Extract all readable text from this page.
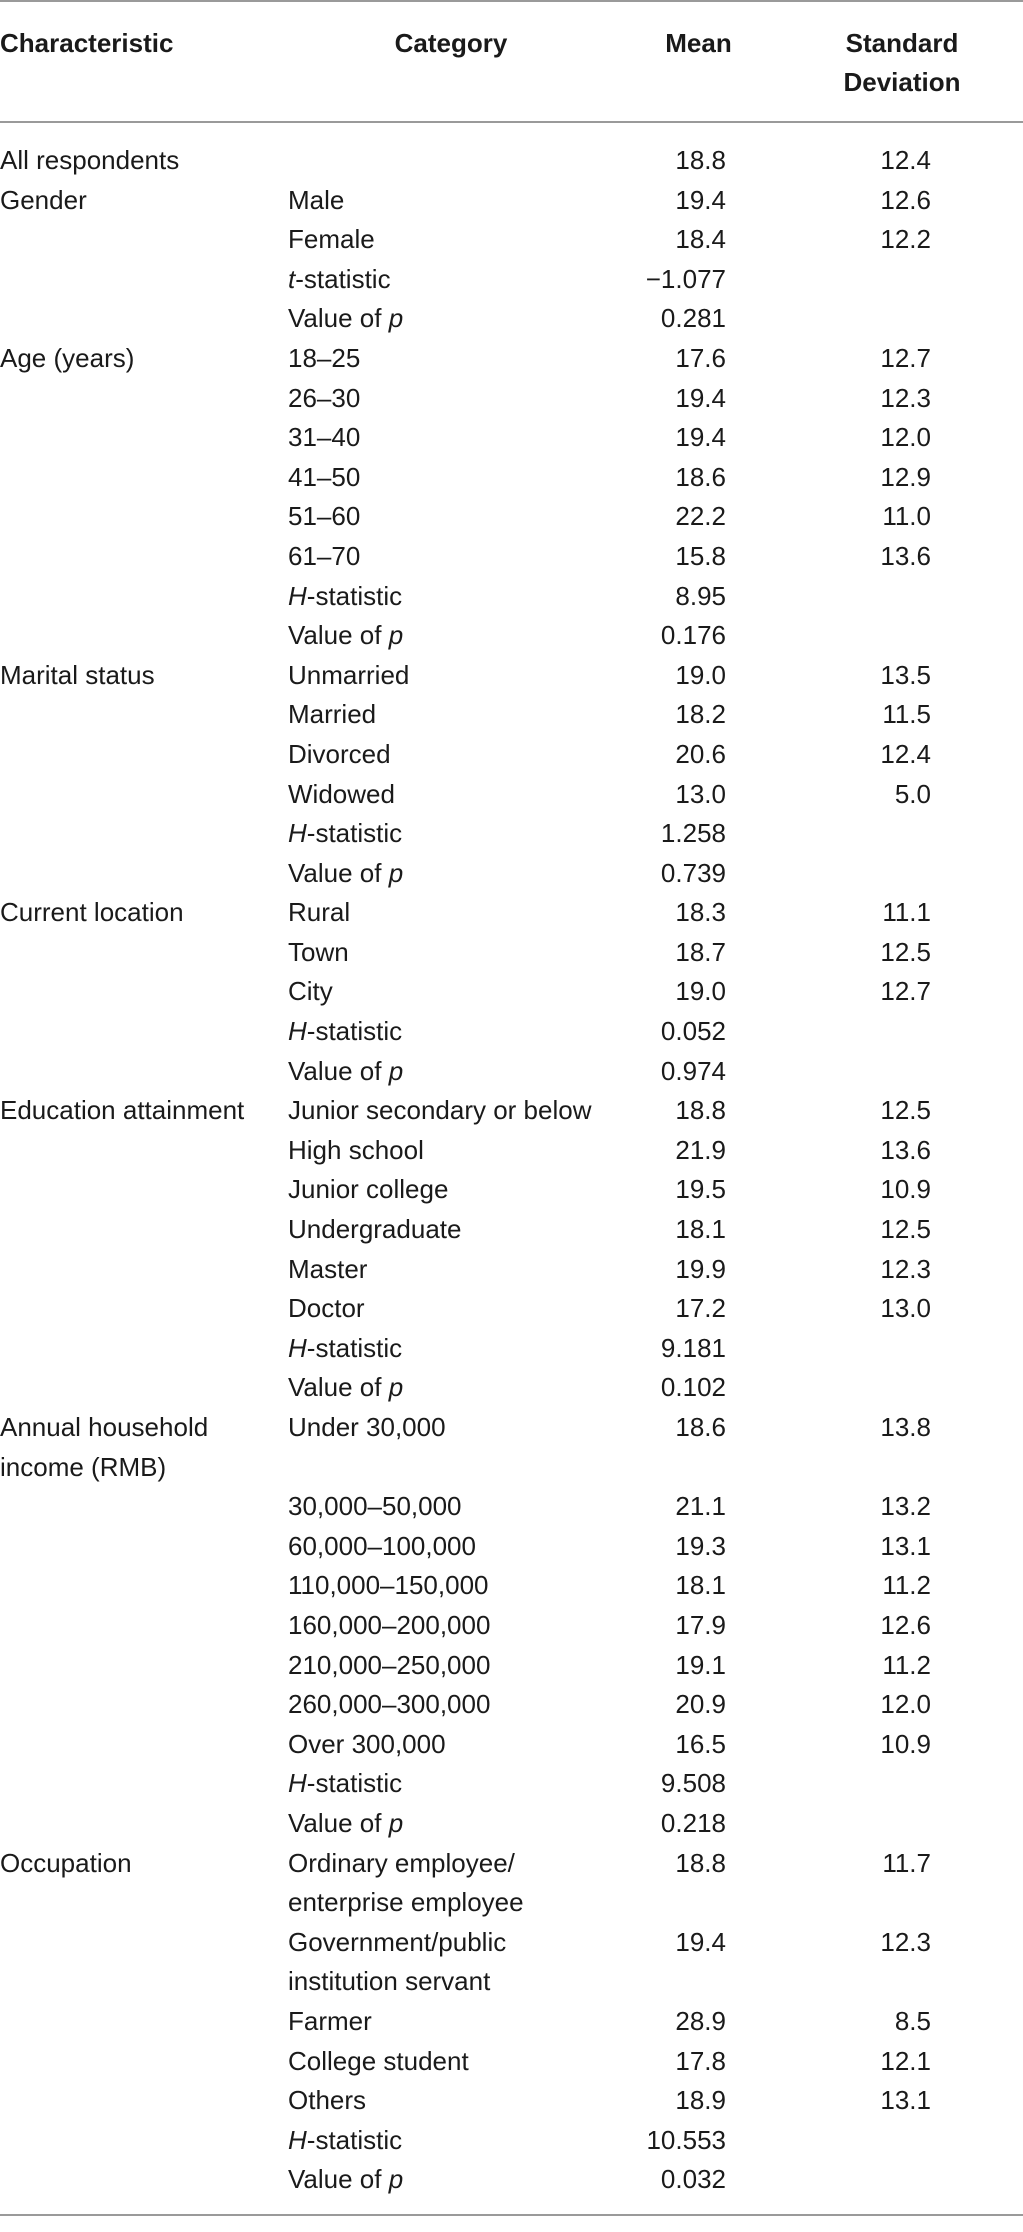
Characteristic	Category	Mean	Standard
Deviation

All respondents		18.8	12.4
Gender	Male	19.4	12.6
	Female	18.4	12.2
	t-statistic	−1.077	
	Value of p	0.281	
Age (years)	18–25	17.6	12.7
	26–30	19.4	12.3
	31–40	19.4	12.0
	41–50	18.6	12.9
	51–60	22.2	11.0
	61–70	15.8	13.6
	H-statistic	8.95	
	Value of p	0.176	
Marital status	Unmarried	19.0	13.5
	Married	18.2	11.5
	Divorced	20.6	12.4
	Widowed	13.0	5.0
	H-statistic	1.258	
	Value of p	0.739	
Current location	Rural	18.3	11.1
	Town	18.7	12.5
	City	19.0	12.7
	H-statistic	0.052	
	Value of p	0.974	
Education attainment	Junior secondary or below	18.8	12.5
	High school	21.9	13.6
	Junior college	19.5	10.9
	Undergraduate	18.1	12.5
	Master	19.9	12.3
	Doctor	17.2	13.0
	H-statistic	9.181	
	Value of p	0.102	
Annual household income (RMB)	Under 30,000	18.6	13.8
	30,000–50,000	21.1	13.2
	60,000–100,000	19.3	13.1
	110,000–150,000	18.1	11.2
	160,000–200,000	17.9	12.6
	210,000–250,000	19.1	11.2
	260,000–300,000	20.9	12.0
	Over 300,000	16.5	10.9
	H-statistic	9.508	
	Value of p	0.218	
Occupation	Ordinary employee/ enterprise employee	18.8	11.7
	Government/public institution servant	19.4	12.3
	Farmer	28.9	8.5
	College student	17.8	12.1
	Others	18.9	13.1
	H-statistic	10.553	
	Value of p	0.032	
